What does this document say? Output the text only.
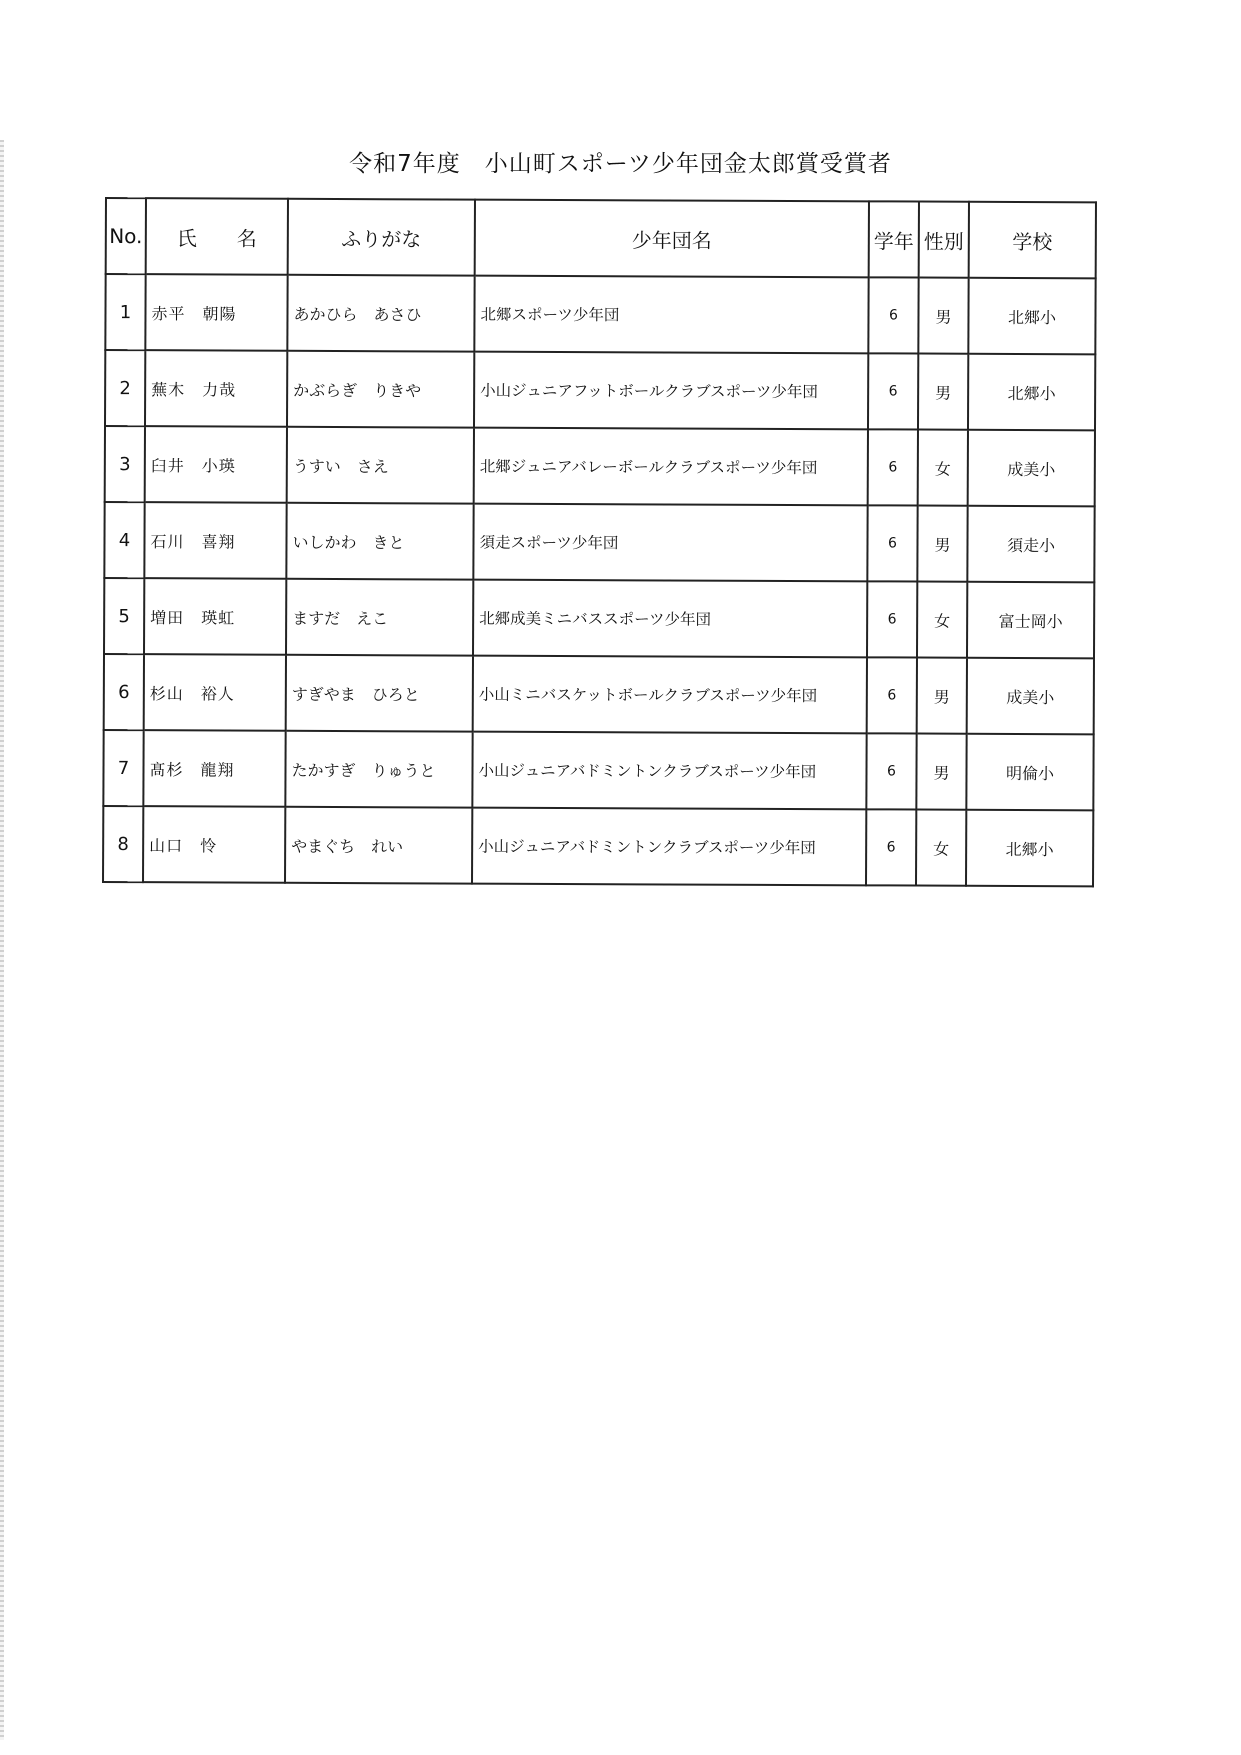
令和7年度　小山町スポーツ少年団金太郎賞受賞者
No.	氏　　名	ふりがな	少年団名	学年	性別	学校
1	赤平　朝陽	あかひら　あさひ	北郷スポーツ少年団	6	男	北郷小
2	蕪木　力哉	かぶらぎ　りきや	小山ジュニアフットボールクラブスポーツ少年団	6	男	北郷小
3	臼井　小瑛	うすい　さえ	北郷ジュニアバレーボールクラブスポーツ少年団	6	女	成美小
4	石川　喜翔	いしかわ　きと	須走スポーツ少年団	6	男	須走小
5	増田　瑛虹	ますだ　えこ	北郷成美ミニバススポーツ少年団	6	女	富士岡小
6	杉山　裕人	すぎやま　ひろと	小山ミニバスケットボールクラブスポーツ少年団	6	男	成美小
7	髙杉　龍翔	たかすぎ　りゅうと	小山ジュニアバドミントンクラブスポーツ少年団	6	男	明倫小
8	山口　怜	やまぐち　れい	小山ジュニアバドミントンクラブスポーツ少年団	6	女	北郷小
